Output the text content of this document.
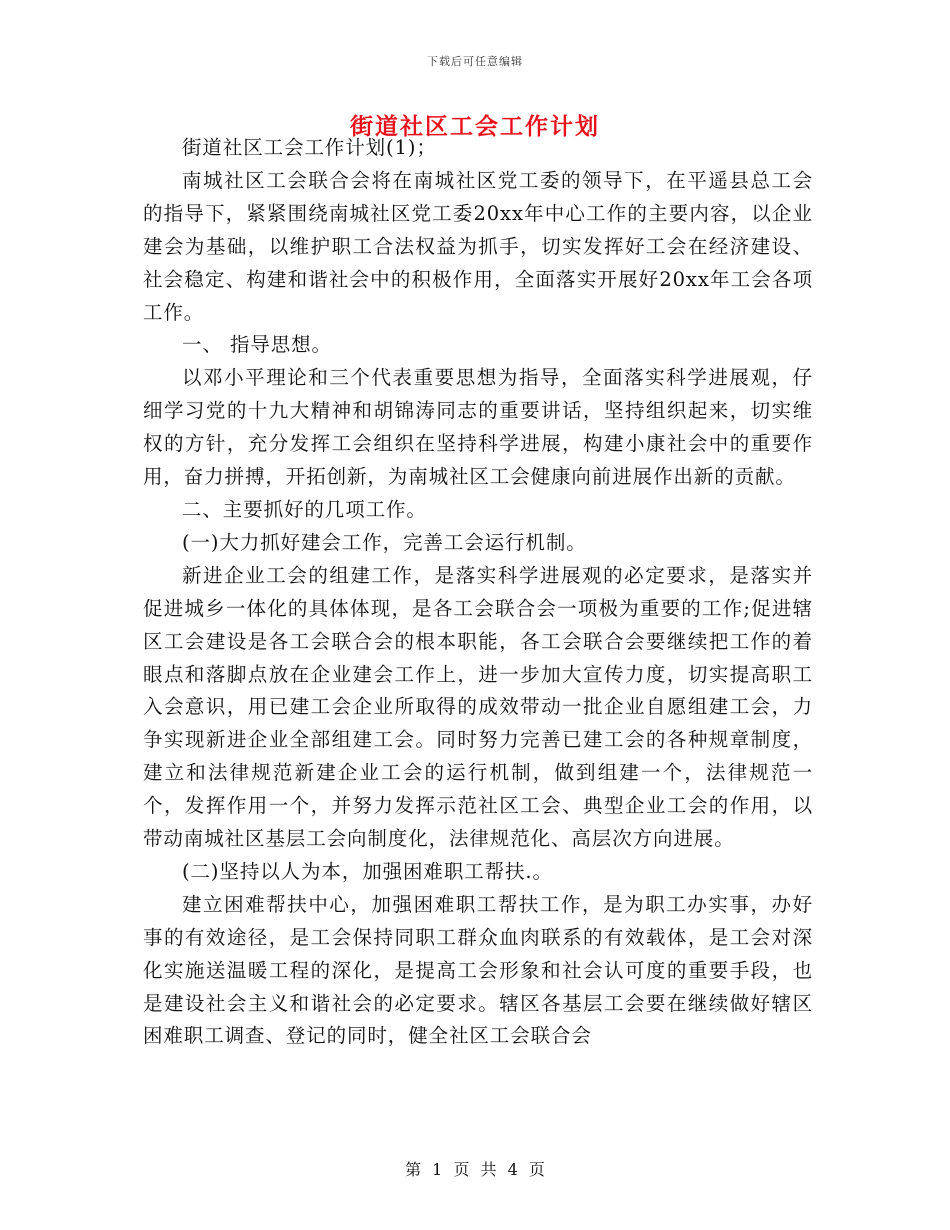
下载后可任意编辑
街道社区工会工作计划

街道社区工会工作计划(1)；

南城社区工会联合会将在南城社区党工委的领导下，在平遥县总工会的指导下，紧紧围绕南城社区党工委20xx年中心工作的主要内容，以企业建会为基础，以维护职工合法权益为抓手，切实发挥好工会在经济建设、社会稳定、构建和谐社会中的积极作用，全面落实开展好20xx年工会各项工作。

一、 指导思想。

以邓小平理论和三个代表重要思想为指导，全面落实科学进展观，仔细学习党的十九大精神和胡锦涛同志的重要讲话，坚持组织起来，切实维权的方针，充分发挥工会组织在坚持科学进展，构建小康社会中的重要作用，奋力拼搏，开拓创新，为南城社区工会健康向前进展作出新的贡献。

二、主要抓好的几项工作。

(一)大力抓好建会工作，完善工会运行机制。

新进企业工会的组建工作，是落实科学进展观的必定要求，是落实并促进城乡一体化的具体体现，是各工会联合会一项极为重要的工作;促进辖区工会建设是各工会联合会的根本职能，各工会联合会要继续把工作的着眼点和落脚点放在企业建会工作上，进一步加大宣传力度，切实提高职工入会意识，用已建工会企业所取得的成效带动一批企业自愿组建工会，力争实现新进企业全部组建工会。同时努力完善已建工会的各种规章制度，建立和法律规范新建企业工会的运行机制，做到组建一个，法律规范一个，发挥作用一个，并努力发挥示范社区工会、典型企业工会的作用，以带动南城社区基层工会向制度化，法律规范化、高层次方向进展。

(二)坚持以人为本，加强困难职工帮扶.。

建立困难帮扶中心，加强困难职工帮扶工作，是为职工办实事，办好事的有效途径，是工会保持同职工群众血肉联系的有效载体，是工会对深化实施送温暖工程的深化，是提高工会形象和社会认可度的重要手段，也是建设社会主义和谐社会的必定要求。辖区各基层工会要在继续做好辖区困难职工调查、登记的同时，健全社区工会联合会

第 1 页 共 4 页
